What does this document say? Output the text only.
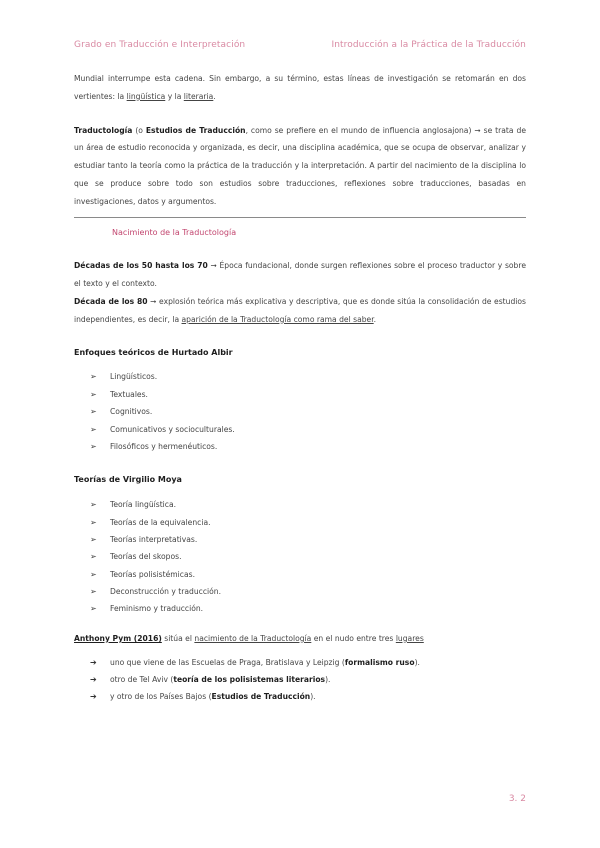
Grado en Traducción e Interpretación	Introducción a la Práctica de la Traducción

Mundial interrumpe esta cadena. Sin embargo, a su término, estas líneas de investigación se retomarán en dos vertientes: la lingüística y la literaria.

Traductología (o Estudios de Traducción, como se prefiere en el mundo de influencia anglosajona) ➞ se trata de un área de estudio reconocida y organizada, es decir, una disciplina académica, que se ocupa de observar, analizar y estudiar tanto la teoría como la práctica de la traducción y la interpretación. A partir del nacimiento de la disciplina lo que se produce sobre todo son estudios sobre traducciones, reflexiones sobre traducciones, basadas en investigaciones, datos y argumentos.

Nacimiento de la Traductología

Décadas de los 50 hasta los 70 ➞ Época fundacional, donde surgen reflexiones sobre el proceso traductor y sobre el texto y el contexto.

Década de los 80 ➞ explosión teórica más explicativa y descriptiva, que es donde sitúa la consolidación de estudios independientes, es decir, la aparición de la Traductología como rama del saber.

Enfoques teóricos de Hurtado Albir
➢ Lingüísticos.
➢ Textuales.
➢ Cognitivos.
➢ Comunicativos y socioculturales.
➢ Filosóficos y hermenéuticos.
Teorías de Virgilio Moya
➢ Teoría lingüística.
➢ Teorías de la equivalencia.
➢ Teorías interpretativas.
➢ Teorías del skopos.
➢ Teorías polisistémicas.
➢ Deconstrucción y traducción.
➢ Feminismo y traducción.

Anthony Pym (2016) sitúa el nacimiento de la Traductología en el nudo entre tres lugares

➔ uno que viene de las Escuelas de Praga, Bratislava y Leipzig (formalismo ruso).
➔ otro de Tel Aviv (teoría de los polisistemas literarios).
➔ y otro de los Países Bajos (Estudios de Traducción).
3. 2
